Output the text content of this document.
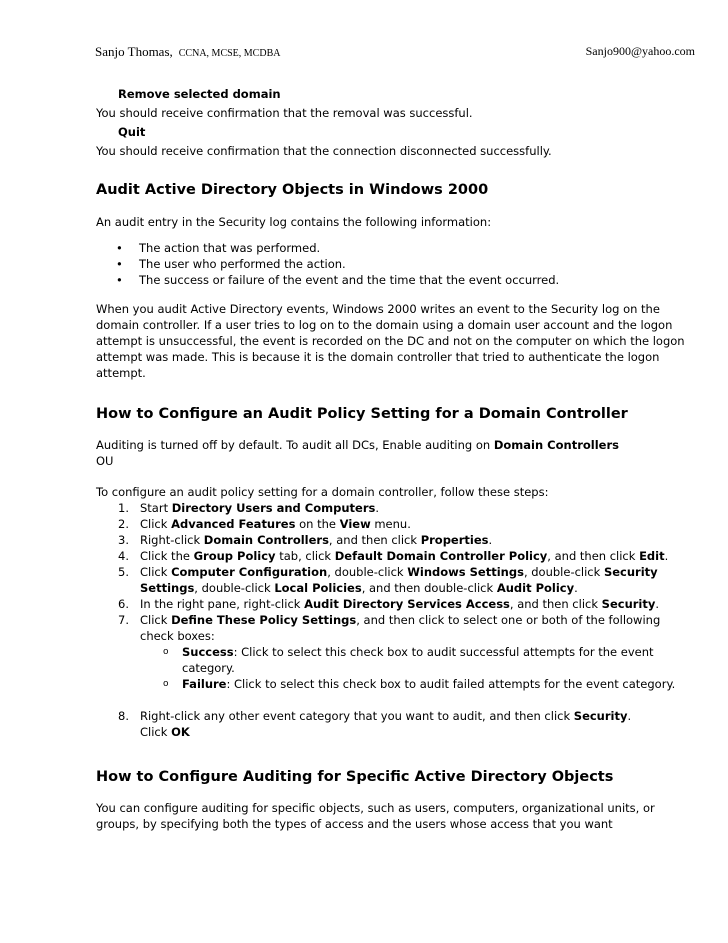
Sanjo Thomas, CCNA, MCSE, MCDBA	Sanjo900@yahoo.com

Remove selected domain

You should receive confirmation that the removal was successful.

Quit

You should receive confirmation that the connection disconnected successfully.

Audit Active Directory Objects in Windows 2000

An audit entry in the Security log contains the following information:

• The action that was performed.
• The user who performed the action.
• The success or failure of the event and the time that the event occurred.

When you audit Active Directory events, Windows 2000 writes an event to the Security log on the domain controller. If a user tries to log on to the domain using a domain user account and the logon attempt is unsuccessful, the event is recorded on the DC and not on the computer on which the logon attempt was made. This is because it is the domain controller that tried to authenticate the logon attempt.

How to Configure an Audit Policy Setting for a Domain Controller

Auditing is turned off by default. To audit all DCs, Enable auditing on Domain Controllers
OU

To configure an audit policy setting for a domain controller, follow these steps:

1. Start Directory Users and Computers.
2. Click Advanced Features on the View menu.
3. Right-click Domain Controllers, and then click Properties.
4. Click the Group Policy tab, click Default Domain Controller Policy, and then click Edit.
5. Click Computer Configuration, double-click Windows Settings, double-click Security Settings, double-click Local Policies, and then double-click Audit Policy.
6. In the right pane, right-click Audit Directory Services Access, and then click Security.
7. Click Define These Policy Settings, and then click to select one or both of the following check boxes:
o Success: Click to select this check box to audit successful attempts for the event category.
o Failure: Click to select this check box to audit failed attempts for the event category.
8. Right-click any other event category that you want to audit, and then click Security.
Click OK
How to Configure Auditing for Specific Active Directory Objects

You can configure auditing for specific objects, such as users, computers, organizational units, or groups, by specifying both the types of access and the users whose access that you want
